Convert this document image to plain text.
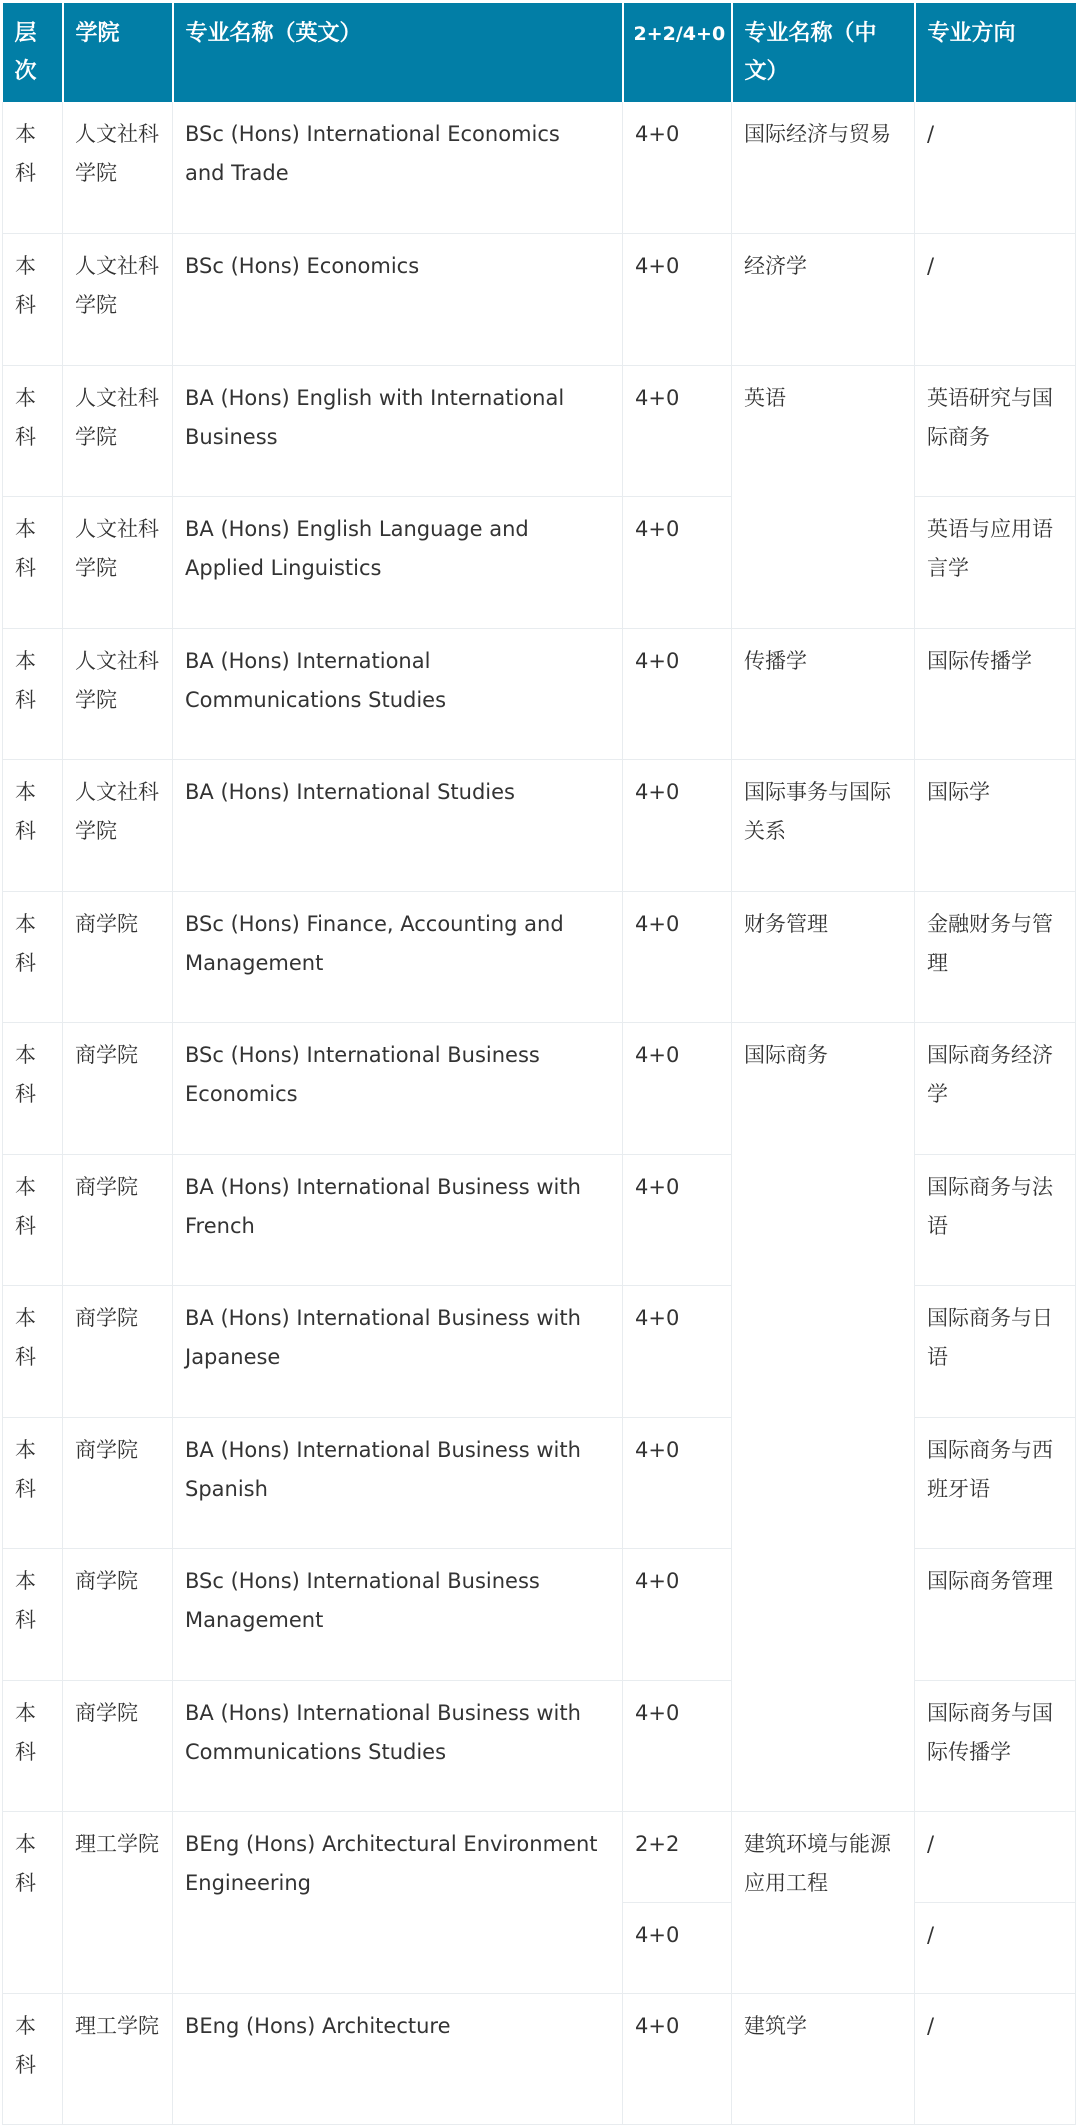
层次	学院	专业名称（英文）	2+2/4+0	专业名称（中文）	专业方向
本科	人文社科学院	BSc (Hons) International Economics and Trade	4+0	国际经济与贸易	/
本科	人文社科学院	BSc (Hons) Economics	4+0	经济学	/
本科	人文社科学院	BA (Hons) English with International Business	4+0	英语	英语研究与国际商务
本科	人文社科学院	BA (Hons) English Language and Applied Linguistics	4+0		英语与应用语言学
本科	人文社科学院	BA (Hons) International Communications Studies	4+0	传播学	国际传播学
本科	人文社科学院	BA (Hons) International Studies	4+0	国际事务与国际关系	国际学
本科	商学院	BSc (Hons) Finance, Accounting and Management	4+0	财务管理	金融财务与管理
本科	商学院	BSc (Hons) International Business Economics	4+0	国际商务	国际商务经济学
本科	商学院	BA (Hons) International Business with French	4+0		国际商务与法语
本科	商学院	BA (Hons) International Business with Japanese	4+0		国际商务与日语
本科	商学院	BA (Hons) International Business with Spanish	4+0		国际商务与西班牙语
本科	商学院	BSc (Hons) International Business Management	4+0		国际商务管理
本科	商学院	BA (Hons) International Business with Communications Studies	4+0		国际商务与国际传播学
本科	理工学院	BEng (Hons) Architectural Environment Engineering	2+2	建筑环境与能源应用工程	/
			4+0		/
本科	理工学院	BEng (Hons) Architecture	4+0	建筑学	/
